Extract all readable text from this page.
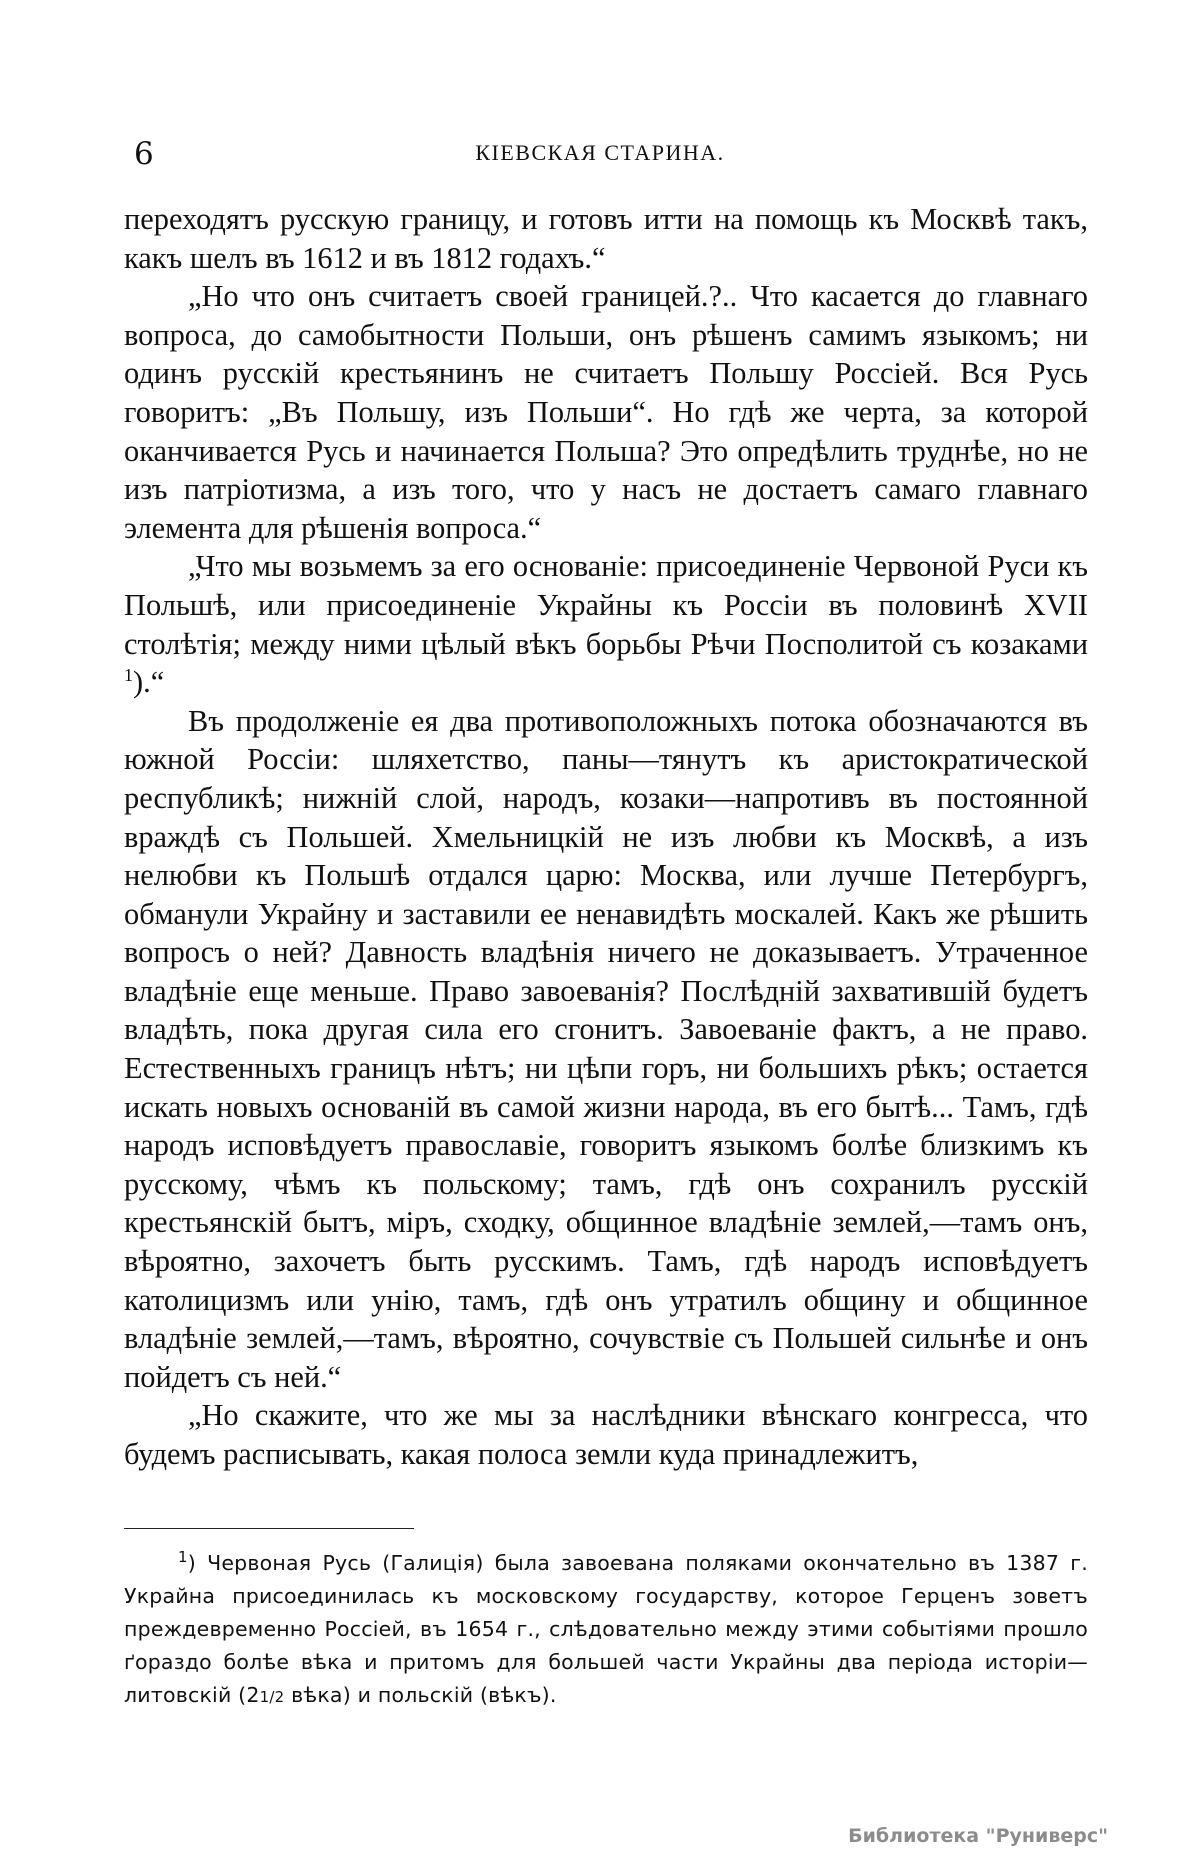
6	КІЕВСКАЯ СТАРИНА.

переходятъ русскую границу, и готовъ итти на помощь къ Москвѣ такъ, какъ шелъ въ 1612 и въ 1812 годахъ.“

„Но что онъ считаетъ своей границей.?.. Что касается до главнаго вопроса, до самобытности Польши, онъ рѣшенъ самимъ языкомъ; ни одинъ русскій крестьянинъ не считаетъ Польшу Россіей. Вся Русь говоритъ: „Въ Польшу, изъ Польши“. Но гдѣ же черта, за которой оканчивается Русь и начинается Польша? Это опредѣлить труднѣе, но не изъ патріотизма, а изъ того, что у насъ не достаетъ самаго главнаго элемента для рѣшенія вопроса.“

„Что мы возьмемъ за его основаніе: присоединеніе Червоной Руси къ Польшѣ, или присоединеніе Украйны къ Россіи въ половинѣ XVII столѣтія; между ними цѣлый вѣкъ борьбы Рѣчи Посполитой съ козаками $^1$).“

Въ продолженіе ея два противоположныхъ потока обозначаются въ южной Россіи: шляхетство, паны—тянутъ къ аристократической республикѣ; нижній слой, народъ, козаки—напротивъ въ постоянной враждѣ съ Польшей. Хмельницкій не изъ любви къ Москвѣ, а изъ нелюбви къ Польшѣ отдался царю: Москва, или лучше Петербургъ, обманули Украйну и заставили ее ненавидѣть москалей. Какъ же рѣшить вопросъ о ней? Давность владѣнія ничего не доказываетъ. Утраченное владѣніе еще меньше. Право завоеванія? Послѣдній захватившій будетъ владѣть, пока другая сила его сгонитъ. Завоеваніе фактъ, а не право. Естественныхъ границъ нѣтъ; ни цѣпи горъ, ни большихъ рѣкъ; остается искать новыхъ основаній въ самой жизни народа, въ его бытѣ... Тамъ, гдѣ народъ исповѣдуетъ православіе, говоритъ языкомъ болѣе близкимъ къ русскому, чѣмъ къ польскому; тамъ, гдѣ онъ сохранилъ русскій крестьянскій бытъ, міръ, сходку, общинное владѣніе землей,—тамъ онъ, вѣроятно, захочетъ быть русскимъ. Тамъ, гдѣ народъ исповѣдуетъ католицизмъ или унію, тамъ, гдѣ онъ утратилъ общину и общинное владѣніе землей,—тамъ, вѣроятно, сочувствіе съ Польшей сильнѣе и онъ пойдетъ съ ней.“

„Но скажите, что же мы за наслѣдники вѣнскаго конгресса, что будемъ расписывать, какая полоса земли куда принадлежитъ,

$^1$) Червоная Русь (Галиція) была завоевана поляками окончательно въ 1387 г. Украйна присоединилась къ московскому государству, которое Герценъ зоветъ преждевременно Россіей, въ 1654 г., слѣдовательно между этими событіями прошло ґораздо болѣе вѣка и притомъ для большей части Украйны два періода исторіи—литовскій (21/2 вѣка) и польскій (вѣкъ).
Библиотека "Руниверс"
